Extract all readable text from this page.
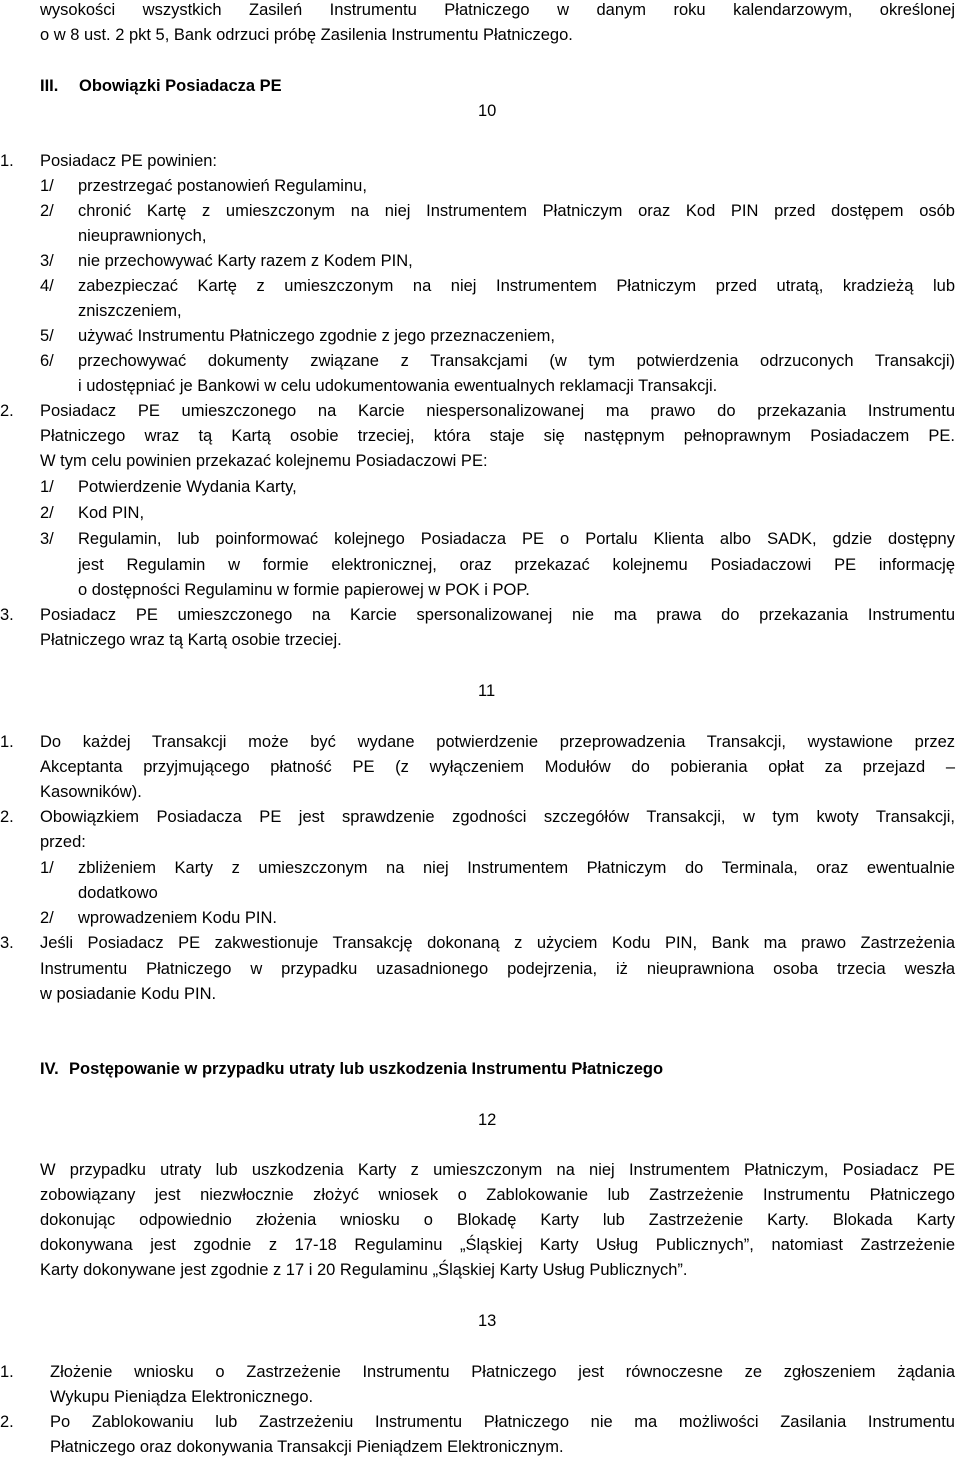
wysokości wszystkich Zasileń Instrumentu Płatniczego w danym roku kalendarzowym, określonej
o w 8 ust. 2 pkt 5, Bank odrzuci próbę Zasilenia Instrumentu Płatniczego.
III. Obowiązki Posiadacza PE
10
1. Posiadacz PE powinien:
1/ przestrzegać postanowień Regulaminu,
2/ chronić Kartę z umieszczonym na niej Instrumentem Płatniczym oraz Kod PIN przed dostępem osób
nieuprawnionych,
3/ nie przechowywać Karty razem z Kodem PIN,
4/ zabezpieczać Kartę z umieszczonym na niej Instrumentem Płatniczym przed utratą, kradzieżą lub
zniszczeniem,
5/ używać Instrumentu Płatniczego zgodnie z jego przeznaczeniem,
6/ przechowywać dokumenty związane z Transakcjami (w tym potwierdzenia odrzuconych Transakcji)
i udostępniać je Bankowi w celu udokumentowania ewentualnych reklamacji Transakcji.
2. Posiadacz PE umieszczonego na Karcie niespersonalizowanej ma prawo do przekazania Instrumentu
Płatniczego wraz tą Kartą osobie trzeciej, która staje się następnym pełnoprawnym Posiadaczem PE.
W tym celu powinien przekazać kolejnemu Posiadaczowi PE:
1/ Potwierdzenie Wydania Karty,
2/ Kod PIN,
3/ Regulamin, lub poinformować kolejnego Posiadacza PE o Portalu Klienta albo SADK, gdzie dostępny
jest Regulamin w formie elektronicznej, oraz przekazać kolejnemu Posiadaczowi PE informację
o dostępności Regulaminu w formie papierowej w POK i POP.
3. Posiadacz PE umieszczonego na Karcie spersonalizowanej nie ma prawa do przekazania Instrumentu
Płatniczego wraz tą Kartą osobie trzeciej.
11
1. Do każdej Transakcji może być wydane potwierdzenie przeprowadzenia Transakcji, wystawione przez
Akceptanta przyjmującego płatność PE (z wyłączeniem Modułów do pobierania opłat za przejazd –
Kasowników).
2. Obowiązkiem Posiadacza PE jest sprawdzenie zgodności szczegółów Transakcji, w tym kwoty Transakcji,
przed:
1/ zbliżeniem Karty z umieszczonym na niej Instrumentem Płatniczym do Terminala, oraz ewentualnie
dodatkowo
2/ wprowadzeniem Kodu PIN.
3. Jeśli Posiadacz PE zakwestionuje Transakcję dokonaną z użyciem Kodu PIN, Bank ma prawo Zastrzeżenia
Instrumentu Płatniczego w przypadku uzasadnionego podejrzenia, iż nieuprawniona osoba trzecia weszła
w posiadanie Kodu PIN.
IV. Postępowanie w przypadku utraty lub uszkodzenia Instrumentu Płatniczego
12
W przypadku utraty lub uszkodzenia Karty z umieszczonym na niej Instrumentem Płatniczym, Posiadacz PE
zobowiązany jest niezwłocznie złożyć wniosek o Zablokowanie lub Zastrzeżenie Instrumentu Płatniczego
dokonując odpowiednio złożenia wniosku o Blokadę Karty lub Zastrzeżenie Karty. Blokada Karty
dokonywana jest zgodnie z 17-18 Regulaminu „Śląskiej Karty Usług Publicznych”, natomiast Zastrzeżenie
Karty dokonywane jest zgodnie z 17 i 20 Regulaminu „Śląskiej Karty Usług Publicznych”.
13
1. Złożenie wniosku o Zastrzeżenie Instrumentu Płatniczego jest równoczesne ze zgłoszeniem żądania
Wykupu Pieniądza Elektronicznego.
2. Po Zablokowaniu lub Zastrzeżeniu Instrumentu Płatniczego nie ma możliwości Zasilania Instrumentu
Płatniczego oraz dokonywania Transakcji Pieniądzem Elektronicznym.
